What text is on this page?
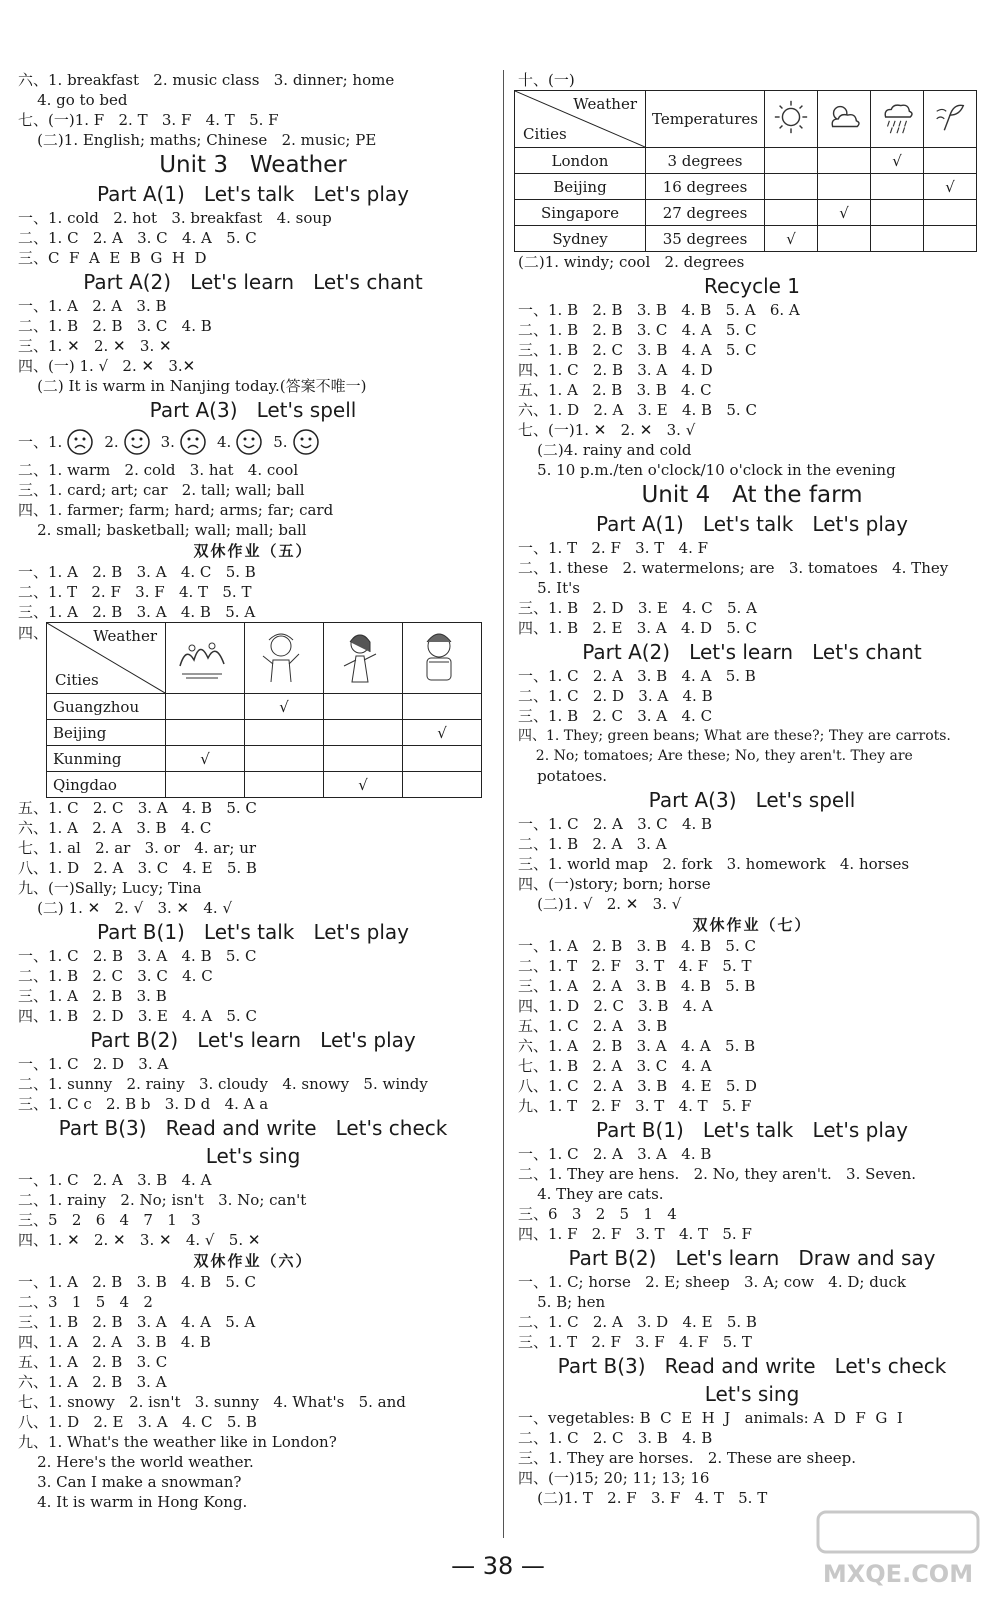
六、1. breakfast   2. music class   3. dinner; home
4. go to bed
七、(一)1. F   2. T   3. F   4. T   5. F
(二)1. English; maths; Chinese   2. music; PE
Unit 3   Weather
Part A(1)   Let's talk   Let's play
一、1. cold   2. hot   3. breakfast   4. soup
二、1. C   2. A   3. C   4. A   5. C
三、C  F  A  E  B  G  H  D
Part A(2)   Let's learn   Let's chant
一、1. A   2. A   3. B
二、1. B   2. B   3. C   4. B
三、1. ✕   2. ✕   3. ✕
四、(一) 1. √   2. ✕   3.✕
(二) It is warm in Nanjing today.(答案不唯一)
Part A(3)   Let's spell
一、 1.	2.	3.	4.	5.
二、1. warm   2. cold   3. hat   4. cool
三、1. card; art; car   2. tall; wall; ball
四、1. farmer; farm; hard; arms; far; card
2. small; basketball; wall; mall; ball
双休作业（五）
一、1. A   2. B   3. A   4. C   5. B
二、1. T   2. F   3. F   4. T   5. T
三、1. A   2. B   3. A   4. B   5. A
四、	Weather
Cities

Guangzhou		√		
Beijing				√
Kunming	√			
Qingdao			√	
五、1. C   2. C   3. A   4. B   5. C
六、1. A   2. A   3. B   4. C
七、1. al   2. ar   3. or   4. ar; ur
八、1. D   2. A   3. C   4. E   5. B
九、(一)Sally; Lucy; Tina
(二) 1. ✕   2. √   3. ✕   4. √
Part B(1)   Let's talk   Let's play
一、1. C   2. B   3. A   4. B   5. C
二、1. B   2. C   3. C   4. C
三、1. A   2. B   3. B
四、1. B   2. D   3. E   4. A   5. C
Part B(2)   Let's learn   Let's play
一、1. C   2. D   3. A
二、1. sunny   2. rainy   3. cloudy   4. snowy   5. windy
三、1. C c   2. B b   3. D d   4. A a
Part B(3)   Read and write   Let's check
Let's sing
一、1. C   2. A   3. B   4. A
二、1. rainy   2. No; isn't   3. No; can't
三、5   2   6   4   7   1   3
四、1. ✕   2. ✕   3. ✕   4. √   5. ✕
双休作业（六）
一、1. A   2. B   3. B   4. B   5. C
二、3   1   5   4   2
三、1. B   2. B   3. A   4. A   5. A
四、1. A   2. A   3. B   4. B
五、1. A   2. B   3. C
六、1. A   2. B   3. A
七、1. snowy   2. isn't   3. sunny   4. What's   5. and
八、1. D   2. E   3. A   4. C   5. B
九、1. What's the weather like in London?
2. Here's the world weather.
3. Can I make a snowman?
4. It is warm in Hong Kong.
十、(一)
Weather
Cities	Temperatures				
London	3 degrees			√	
Beijing	16 degrees				√
Singapore	27 degrees		√		
Sydney	35 degrees	√			
(二)1. windy; cool   2. degrees
Recycle 1
一、1. B   2. B   3. B   4. B   5. A   6. A
二、1. B   2. B   3. C   4. A   5. C
三、1. B   2. C   3. B   4. A   5. C
四、1. C   2. B   3. A   4. D
五、1. A   2. B   3. B   4. C
六、1. D   2. A   3. E   4. B   5. C
七、(一)1. ✕   2. ✕   3. √
(二)4. rainy and cold
5. 10 p.m./ten o'clock/10 o'clock in the evening
Unit 4   At the farm
Part A(1)   Let's talk   Let's play
一、1. T   2. F   3. T   4. F
二、1. these   2. watermelons; are   3. tomatoes   4. They
5. It's
三、1. B   2. D   3. E   4. C   5. A
四、1. B   2. E   3. A   4. D   5. C
Part A(2)   Let's learn   Let's chant
一、1. C   2. A   3. B   4. A   5. B
二、1. C   2. D   3. A   4. B
三、1. B   2. C   3. A   4. C
四、1. They; green beans; What are these?; They are carrots.
2. No; tomatoes; Are these; No, they aren't. They are
potatoes.
Part A(3)   Let's spell
一、1. C   2. A   3. C   4. B
二、1. B   2. A   3. A
三、1. world map   2. fork   3. homework   4. horses
四、(一)story; born; horse
(二)1. √   2. ✕   3. √
双休作业（七）
一、1. A   2. B   3. B   4. B   5. C
二、1. T   2. F   3. T   4. F   5. T
三、1. A   2. A   3. B   4. B   5. B
四、1. D   2. C   3. B   4. A
五、1. C   2. A   3. B
六、1. A   2. B   3. A   4. A   5. B
七、1. B   2. A   3. C   4. A
八、1. C   2. A   3. B   4. E   5. D
九、1. T   2. F   3. T   4. T   5. F
Part B(1)   Let's talk   Let's play
一、1. C   2. A   3. A   4. B
二、1. They are hens.   2. No, they aren't.   3. Seven.
4. They are cats.
三、6   3   2   5   1   4
四、1. F   2. F   3. T   4. T   5. F
Part B(2)   Let's learn   Draw and say
一、1. C; horse   2. E; sheep   3. A; cow   4. D; duck
5. B; hen
二、1. C   2. A   3. D   4. E   5. B
三、1. T   2. F   3. F   4. F   5. T
Part B(3)   Read and write   Let's check
Let's sing
一、vegetables: B  C  E  H  J   animals: A  D  F  G  I
二、1. C   2. C   3. B   4. B
三、1. They are horses.   2. These are sheep.
四、(一)15; 20; 11; 13; 16
(二)1. T   2. F   3. F   4. T   5. T
MXQE.COM
— 38 —
